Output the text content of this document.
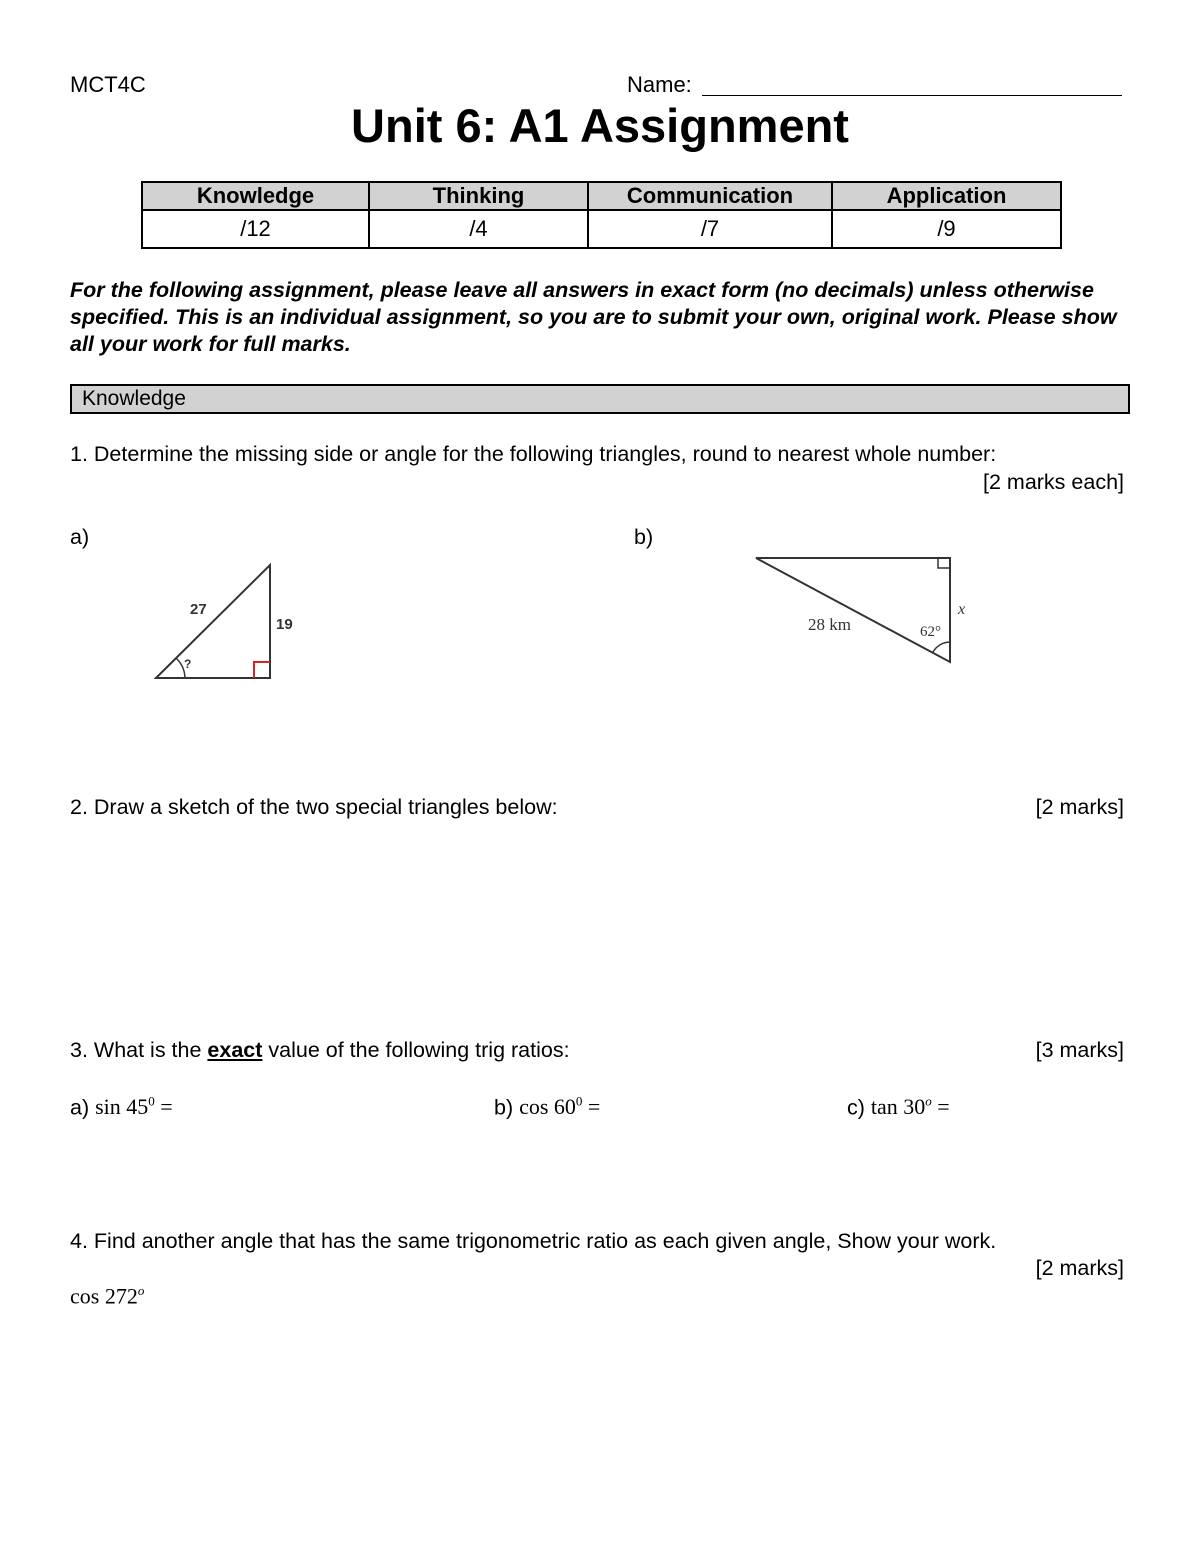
MCT4C	Name:
Unit 6: A1 Assignment
Knowledge	Thinking	Communication	Application
/12	/4	/7	/9
For the following assignment, please leave all answers in exact form (no decimals) unless otherwise specified. This is an individual assignment, so you are to submit your own, original work. Please show all your work for full marks.
Knowledge
1. Determine the missing side or angle for the following triangles, round to nearest whole number:
[2 marks each]
a)	b)
27
19
?
28 km	62°
x
2. Draw a sketch of the two special triangles below:	[2 marks]
3. What is the exact value of the following trig ratios:	[3 marks]
a) $\sin 45^0$ =	b) $\cos 60^0$ =	c) $\tan 30^o$ =
4. Find another angle that has the same trigonometric ratio as each given angle, Show your work.
[2 marks]
cos 272$^o$
